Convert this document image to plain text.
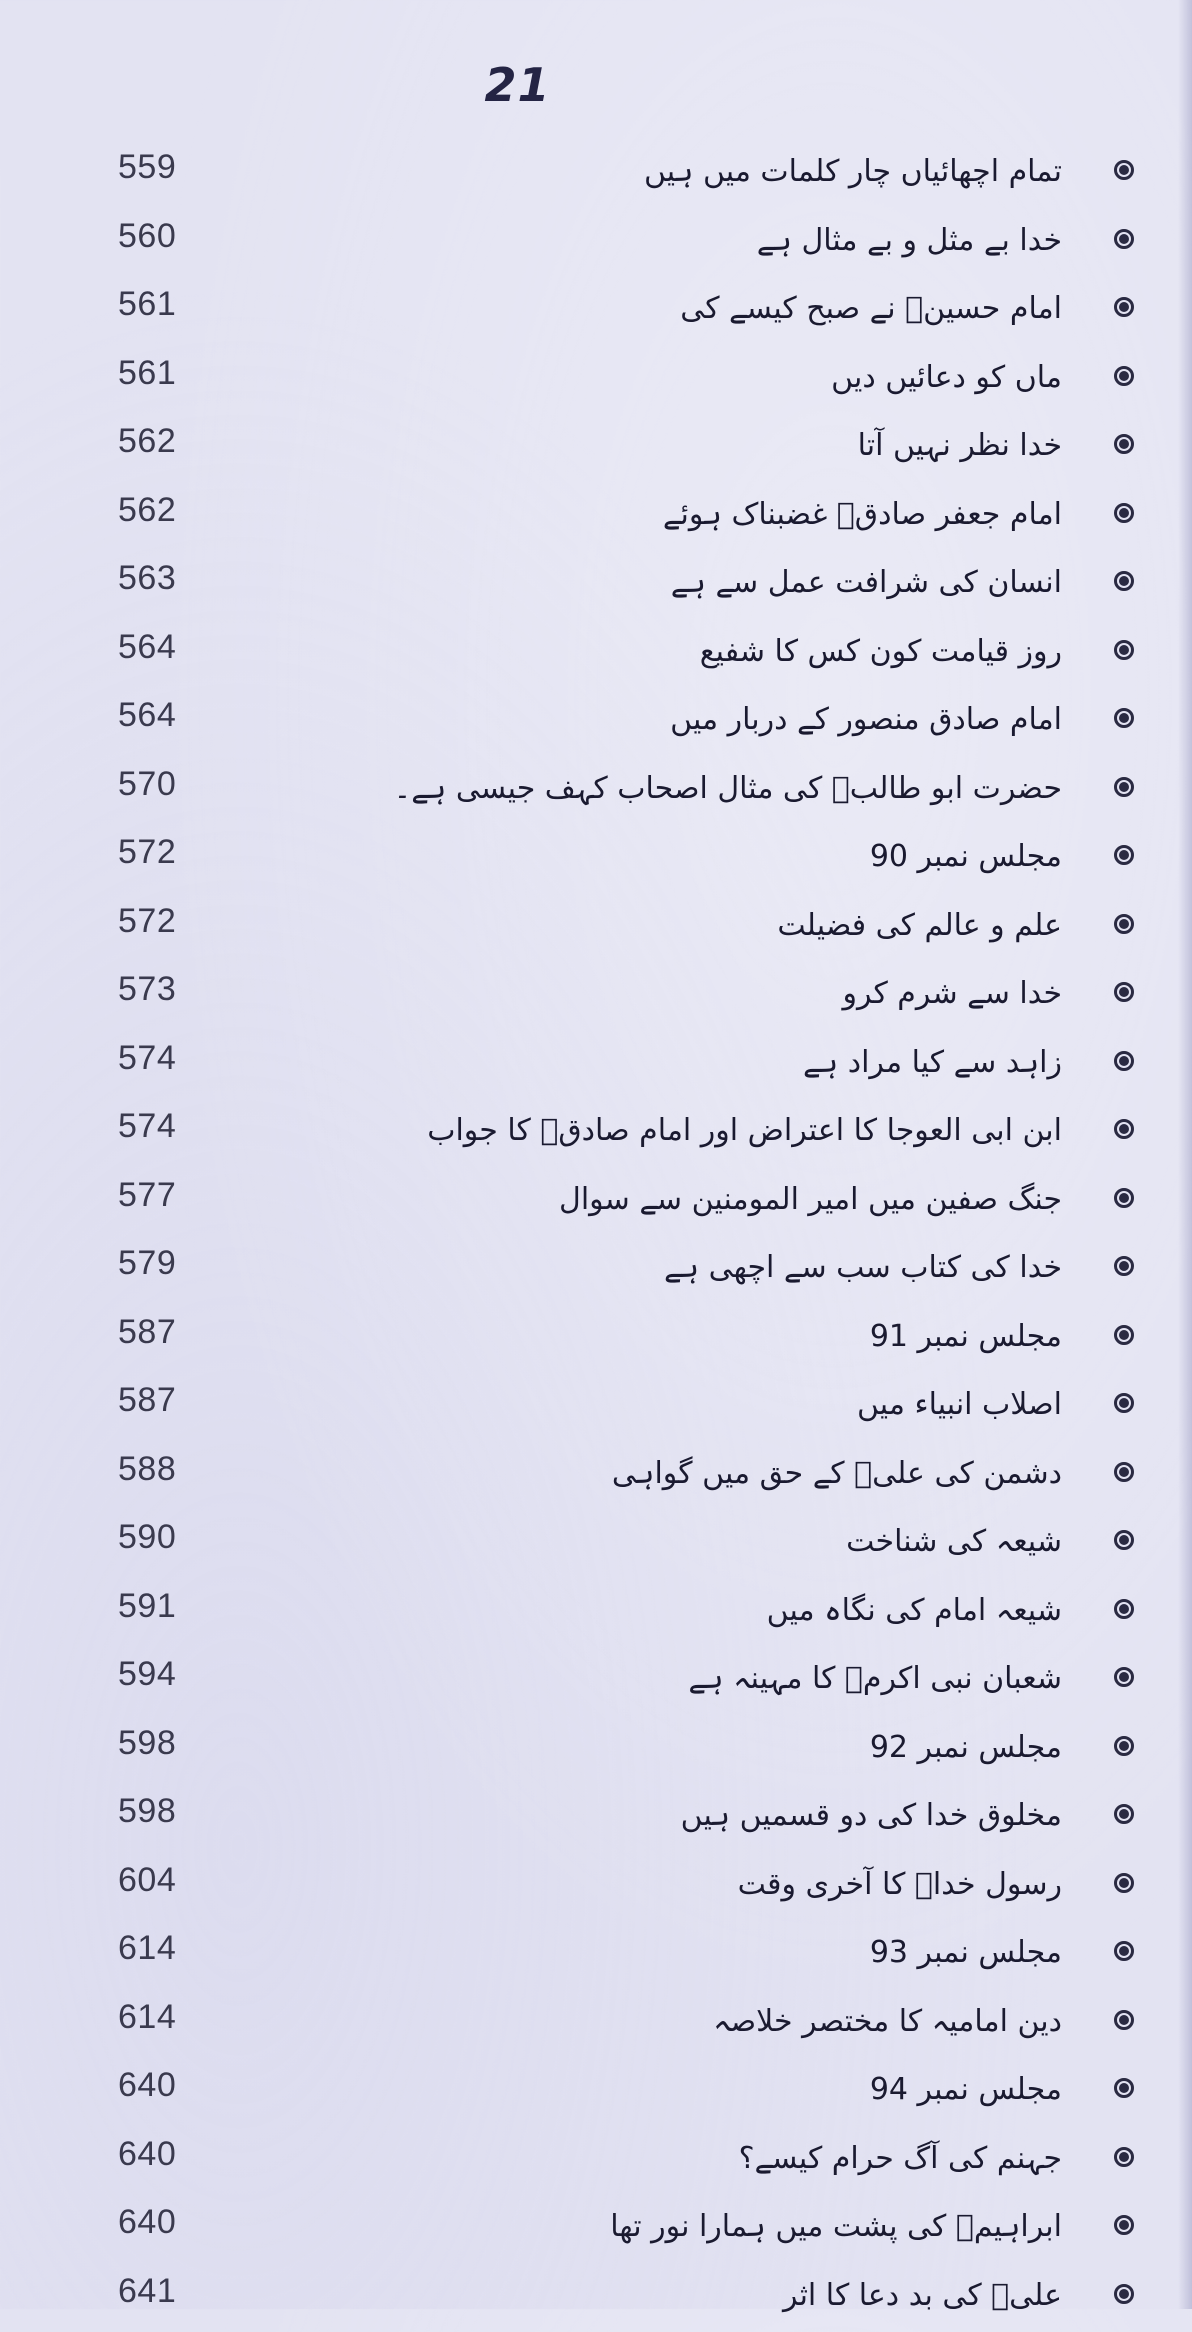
21
559	تمام اچھائیاں چار کلمات میں ہیں
560	خدا بے مثل و بے مثال ہے
561	امام حسینؑ نے صبح کیسے کی
561	ماں کو دعائیں دیں
562	خدا نظر نہیں آتا
562	امام جعفر صادقؑ غضبناک ہوئے
563	انسان کی شرافت عمل سے ہے
564	روز قیامت کون کس کا شفیع
564	امام صادق منصور کے دربار میں
570	حضرت ابو طالبؑ کی مثال اصحاب کہف جیسی ہے۔
572	مجلس نمبر 90
572	علم و عالم کی فضیلت
573	خدا سے شرم کرو
574	زاہد سے کیا مراد ہے
574	ابن ابی العوجا کا اعتراض اور امام صادقؑ کا جواب
577	جنگ صفین میں امیر المومنین سے سوال
579	خدا کی کتاب سب سے اچھی ہے
587	مجلس نمبر 91
587	اصلاب انبیاء میں
588	دشمن کی علیؑ کے حق میں گواہی
590	شیعہ کی شناخت
591	شیعہ امام کی نگاہ میں
594	شعبان نبی اکرمؐ کا مہینہ ہے
598	مجلس نمبر 92
598	مخلوق خدا کی دو قسمیں ہیں
604	رسول خداؐ کا آخری وقت
614	مجلس نمبر 93
614	دین امامیہ کا مختصر خلاصہ
640	مجلس نمبر 94
640	جہنم کی آگ حرام کیسے؟
640	ابراہیمؑ کی پشت میں ہمارا نور تھا
641	علیؑ کی بد دعا کا اثر
